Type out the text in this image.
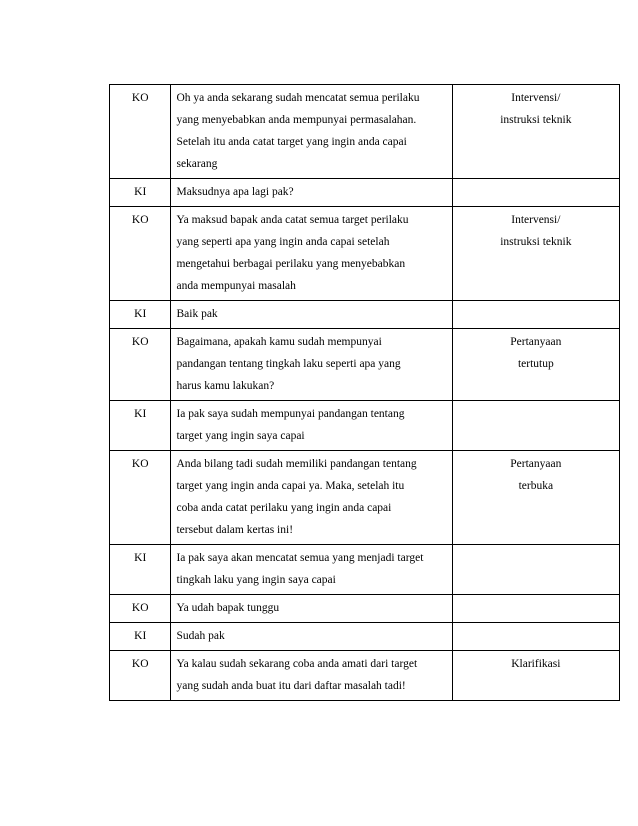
KO	Oh ya anda sekarang sudah mencatat semua perilaku
yang menyebabkan anda mempunyai permasalahan.
Setelah itu anda catat target yang ingin anda capai
sekarang	Intervensi/
instruksi teknik

KI	Maksudnya apa lagi pak?	

KO	Ya maksud bapak anda catat semua target perilaku
yang seperti apa yang ingin anda capai setelah
mengetahui berbagai perilaku yang menyebabkan
anda mempunyai masalah	Intervensi/
instruksi teknik

KI	Baik pak	

KO	Bagaimana, apakah kamu sudah mempunyai
pandangan tentang tingkah laku seperti apa yang
harus kamu lakukan?	Pertanyaan
tertutup

KI	Ia pak saya sudah mempunyai pandangan tentang
target yang ingin saya capai	

KO	Anda bilang tadi sudah memiliki pandangan tentang
target yang ingin anda capai ya. Maka, setelah itu
coba anda catat perilaku yang ingin anda capai
tersebut dalam kertas ini!	Pertanyaan
terbuka

KI	Ia pak saya akan mencatat semua yang menjadi target
tingkah laku yang ingin saya capai	

KO	Ya udah bapak tunggu	

KI	Sudah pak	

KO	Ya kalau sudah sekarang coba anda amati dari target
yang sudah anda buat itu dari daftar masalah tadi!	Klarifikasi
